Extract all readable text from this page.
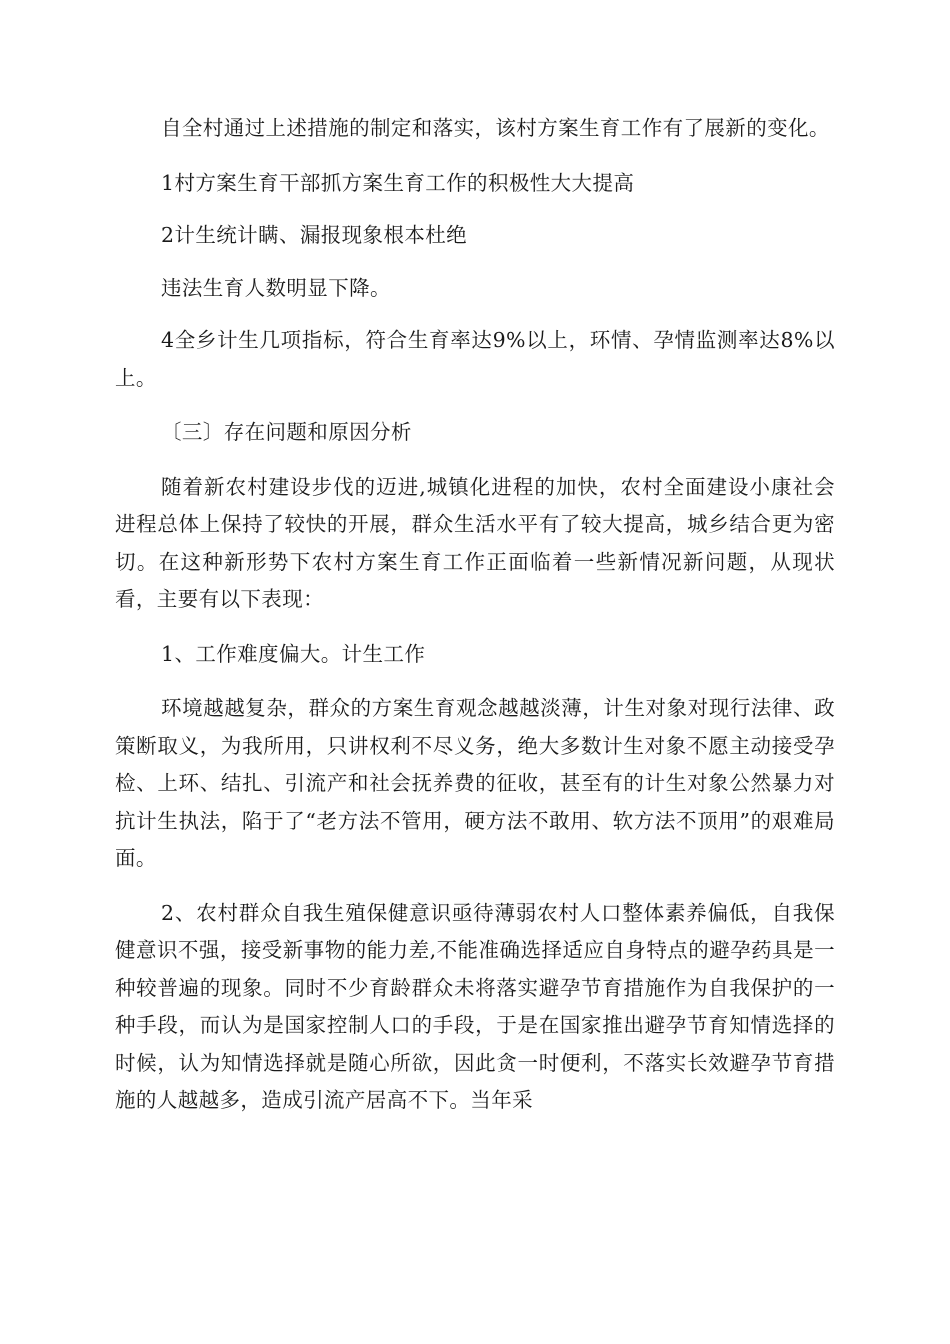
自全村通过上述措施的制定和落实，该村方案生育工作有了展新的变化。

1村方案生育干部抓方案生育工作的积极性大大提高

2计生统计瞒、漏报现象根本杜绝

违法生育人数明显下降。

4全乡计生几项指标，符合生育率达9%以上，环情、孕情监测率达8%以上。

〔三〕存在问题和原因分析

随着新农村建设步伐的迈进,城镇化进程的加快，农村全面建设小康社会进程总体上保持了较快的开展，群众生活水平有了较大提高，城乡结合更为密切。在这种新形势下农村方案生育工作正面临着一些新情况新问题，从现状看，主要有以下表现：

1、工作难度偏大。计生工作

环境越越复杂，群众的方案生育观念越越淡薄，计生对象对现行法律、政策断取义，为我所用，只讲权利不尽义务，绝大多数计生对象不愿主动接受孕检、上环、结扎、引流产和社会抚养费的征收，甚至有的计生对象公然暴力对抗计生执法，陷于了“老方法不管用，硬方法不敢用、软方法不顶用”的艰难局面。

2、农村群众自我生殖保健意识亟待薄弱农村人口整体素养偏低，自我保健意识不强，接受新事物的能力差,不能准确选择适应自身特点的避孕药具是一种较普遍的现象。同时不少育龄群众未将落实避孕节育措施作为自我保护的一种手段，而认为是国家控制人口的手段，于是在国家推出避孕节育知情选择的时候，认为知情选择就是随心所欲，因此贪一时便利，不落实长效避孕节育措施的人越越多，造成引流产居高不下。当年采
